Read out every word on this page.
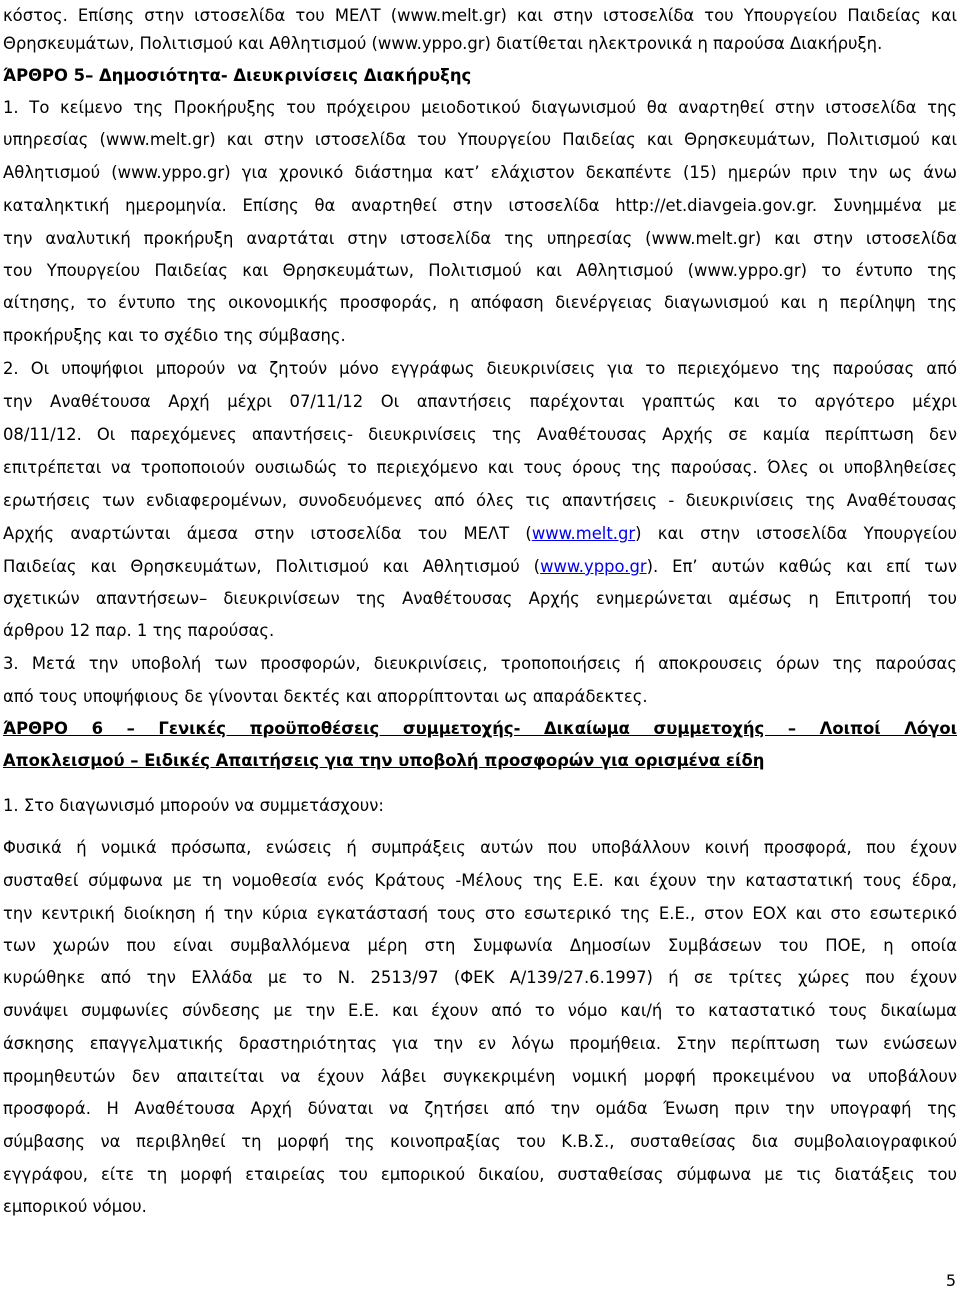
κόστος. Επίσης στην ιστοσελίδα του ΜΕΛΤ (www.melt.gr) και στην ιστοσελίδα του Υπουργείου Παιδείας και
Θρησκευμάτων, Πολιτισμού και Αθλητισμού (www.yppo.gr) διατίθεται ηλεκτρονικά η παρούσα Διακήρυξη.
ΆΡΘΡΟ 5– Δημοσιότητα- Διευκρινίσεις Διακήρυξης
1. Το κείμενο της Προκήρυξης του πρόχειρου μειοδοτικού διαγωνισμού θα αναρτηθεί στην ιστοσελίδα της
υπηρεσίας (www.melt.gr) και στην ιστοσελίδα του Υπουργείου Παιδείας και Θρησκευμάτων, Πολιτισμού και
Αθλητισμού (www.yppo.gr) για χρονικό διάστημα κατ’ ελάχιστον δεκαπέντε (15) ημερών πριν την ως άνω
καταληκτική ημερομηνία. Επίσης θα αναρτηθεί στην ιστοσελίδα http://et.diavgeia.gov.gr. Συνημμένα με
την αναλυτική προκήρυξη αναρτάται στην ιστοσελίδα της υπηρεσίας (www.melt.gr) και στην ιστοσελίδα
του Υπουργείου Παιδείας και Θρησκευμάτων, Πολιτισμού και Αθλητισμού (www.yppo.gr) το έντυπο της
αίτησης, το έντυπο της οικονομικής προσφοράς, η απόφαση διενέργειας διαγωνισμού και η περίληψη της
προκήρυξης και το σχέδιο της σύμβασης.
2. Οι υποψήφιοι μπορούν να ζητούν μόνο εγγράφως διευκρινίσεις για το περιεχόμενο της παρούσας από
την Αναθέτουσα Αρχή μέχρι 07/11/12 Οι απαντήσεις παρέχονται γραπτώς και το αργότερο μέχρι
08/11/12. Οι παρεχόμενες απαντήσεις- διευκρινίσεις της Αναθέτουσας Αρχής σε καμία περίπτωση δεν
επιτρέπεται να τροποποιούν ουσιωδώς το περιεχόμενο και τους όρους της παρούσας. Όλες οι υποβληθείσες
ερωτήσεις των ενδιαφερομένων, συνοδευόμενες από όλες τις απαντήσεις - διευκρινίσεις της Αναθέτουσας
Αρχής αναρτώνται άμεσα στην ιστοσελίδα του ΜΕΛΤ (www.melt.gr) και στην ιστοσελίδα Υπουργείου
Παιδείας και Θρησκευμάτων, Πολιτισμού και Αθλητισμού (www.yppo.gr). Επ’ αυτών καθώς και επί των
σχετικών απαντήσεων– διευκρινίσεων της Αναθέτουσας Αρχής ενημερώνεται αμέσως η Επιτροπή του
άρθρου 12 παρ. 1 της παρούσας.
3. Μετά την υποβολή των προσφορών, διευκρινίσεις, τροποποιήσεις ή αποκρουσεις όρων της παρούσας
από τους υποψήφιους δε γίνονται δεκτές και απορρίπτονται ως απαράδεκτες.
ΆΡΘΡΟ 6 – Γενικές προϋποθέσεις συμμετοχής- Δικαίωμα συμμετοχής – Λοιποί Λόγοι
Αποκλεισμού – Ειδικές Απαιτήσεις για την υποβολή προσφορών για ορισμένα είδη
1. Στο διαγωνισμό μπορούν να συμμετάσχουν:
Φυσικά ή νομικά πρόσωπα, ενώσεις ή συμπράξεις αυτών που υποβάλλουν κοινή προσφορά, που έχουν
συσταθεί σύμφωνα με τη νομοθεσία ενός Κράτους -Μέλους της Ε.Ε. και έχουν την καταστατική τους έδρα,
την κεντρική διοίκηση ή την κύρια εγκατάστασή τους στο εσωτερικό της Ε.Ε., στον ΕΟΧ και στο εσωτερικό
των χωρών που είναι συμβαλλόμενα μέρη στη Συμφωνία Δημοσίων Συμβάσεων του ΠΟΕ, η οποία
κυρώθηκε από την Ελλάδα με το Ν. 2513/97 (ΦΕΚ Α/139/27.6.1997) ή σε τρίτες χώρες που έχουν
συνάψει συμφωνίες σύνδεσης με την Ε.Ε. και έχουν από το νόμο και/ή το καταστατικό τους δικαίωμα
άσκησης επαγγελματικής δραστηριότητας για την εν λόγω προμήθεια. Στην περίπτωση των ενώσεων
προμηθευτών δεν απαιτείται να έχουν λάβει συγκεκριμένη νομική μορφή προκειμένου να υποβάλουν
προσφορά. Η Αναθέτουσα Αρχή δύναται να ζητήσει από την ομάδα Ένωση πριν την υπογραφή της
σύμβασης να περιβληθεί τη μορφή της κοινοπραξίας του Κ.Β.Σ., συσταθείσας δια συμβολαιογραφικού
εγγράφου, είτε τη μορφή εταιρείας του εμπορικού δικαίου, συσταθείσας σύμφωνα με τις διατάξεις του
εμπορικού νόμου.
5
